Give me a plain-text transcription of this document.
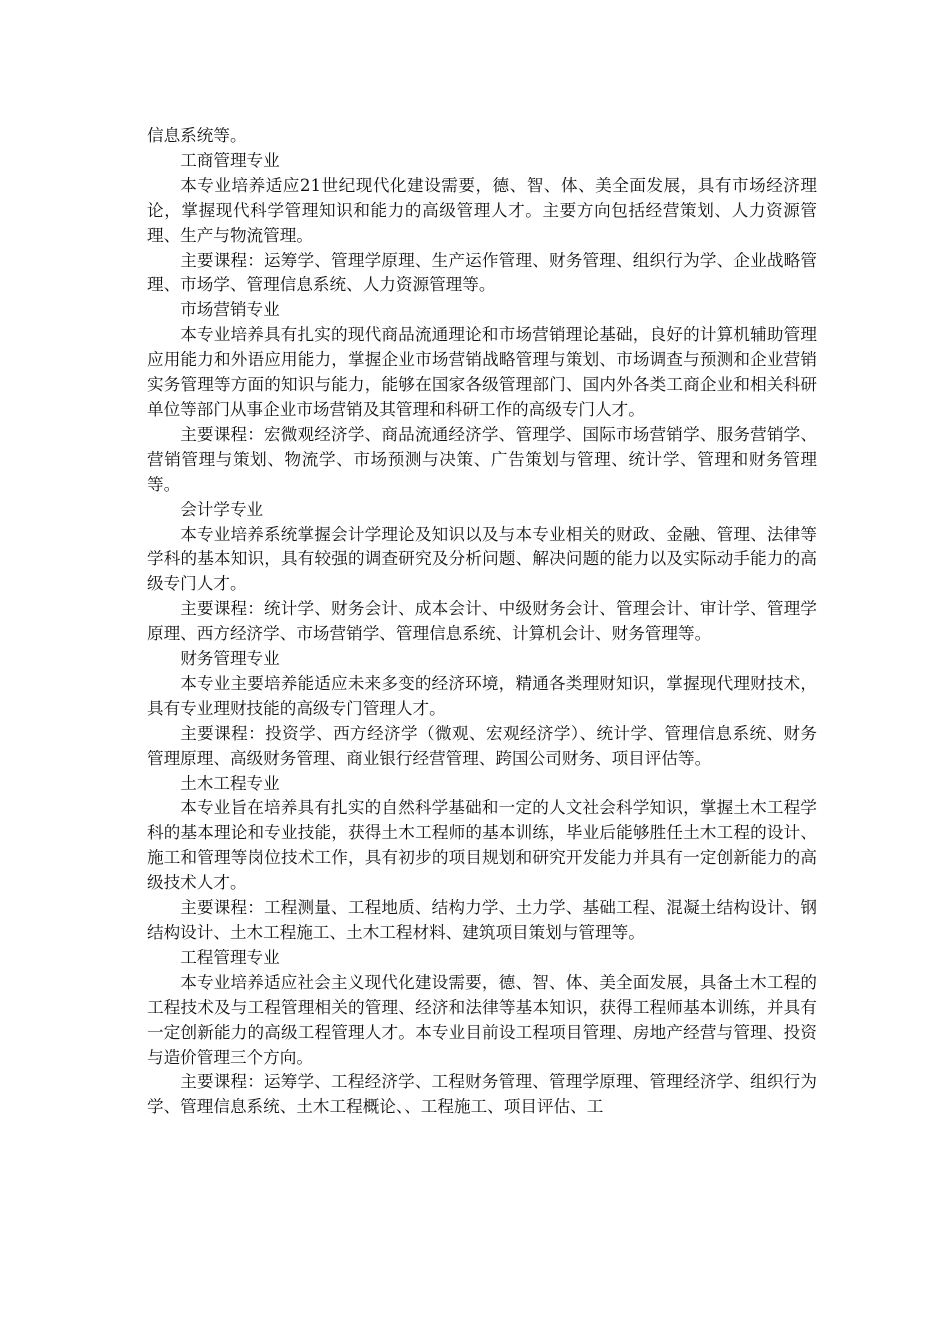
信息系统等。

工商管理专业

本专业培养适应21世纪现代化建设需要，德、智、体、美全面发展，具有市场经济理论，掌握现代科学管理知识和能力的高级管理人才。主要方向包括经营策划、人力资源管理、生产与物流管理。

主要课程：运筹学、管理学原理、生产运作管理、财务管理、组织行为学、企业战略管理、市场学、管理信息系统、人力资源管理等。

市场营销专业

本专业培养具有扎实的现代商品流通理论和市场营销理论基础，良好的计算机辅助管理应用能力和外语应用能力，掌握企业市场营销战略管理与策划、市场调查与预测和企业营销实务管理等方面的知识与能力，能够在国家各级管理部门、国内外各类工商企业和相关科研单位等部门从事企业市场营销及其管理和科研工作的高级专门人才。

主要课程：宏微观经济学、商品流通经济学、管理学、国际市场营销学、服务营销学、营销管理与策划、物流学、市场预测与决策、广告策划与管理、统计学、管理和财务管理等。

会计学专业

本专业培养系统掌握会计学理论及知识以及与本专业相关的财政、金融、管理、法律等学科的基本知识，具有较强的调查研究及分析问题、解决问题的能力以及实际动手能力的高级专门人才。

主要课程：统计学、财务会计、成本会计、中级财务会计、管理会计、审计学、管理学原理、西方经济学、市场营销学、管理信息系统、计算机会计、财务管理等。

财务管理专业

本专业主要培养能适应未来多变的经济环境，精通各类理财知识，掌握现代理财技术，具有专业理财技能的高级专门管理人才。

主要课程：投资学、西方经济学（微观、宏观经济学）、统计学、管理信息系统、财务管理原理、高级财务管理、商业银行经营管理、跨国公司财务、项目评估等。

土木工程专业

本专业旨在培养具有扎实的自然科学基础和一定的人文社会科学知识，掌握土木工程学科的基本理论和专业技能，获得土木工程师的基本训练，毕业后能够胜任土木工程的设计、施工和管理等岗位技术工作，具有初步的项目规划和研究开发能力并具有一定创新能力的高级技术人才。

主要课程：工程测量、工程地质、结构力学、土力学、基础工程、混凝土结构设计、钢结构设计、土木工程施工、土木工程材料、建筑项目策划与管理等。

工程管理专业

本专业培养适应社会主义现代化建设需要，德、智、体、美全面发展，具备土木工程的工程技术及与工程管理相关的管理、经济和法律等基本知识，获得工程师基本训练，并具有一定创新能力的高级工程管理人才。本专业目前设工程项目管理、房地产经营与管理、投资与造价管理三个方向。

主要课程：运筹学、工程经济学、工程财务管理、管理学原理、管理经济学、组织行为学、管理信息系统、土木工程概论、、工程施工、项目评估、工
